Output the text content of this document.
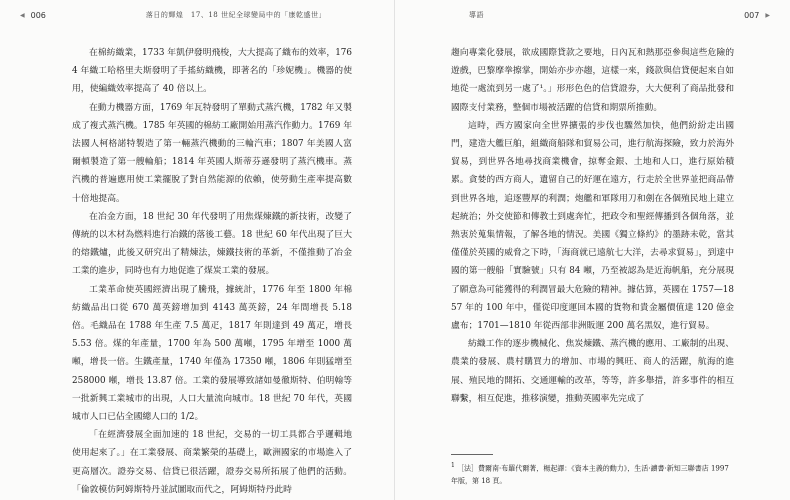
◀ 006	落日的輝煌　17、18 世紀全球變局中的「康乾盛世」

在棉紡織業，1733 年凱伊發明飛梭，大大提高了織布的效率，1764 年織工哈格里夫斯發明了手搖紡織機，即著名的「珍妮機」。機器的使用，使編織效率提高了 40 倍以上。

在動力機器方面，1769 年瓦特發明了單動式蒸汽機，1782 年又製成了複式蒸汽機。1785 年英國的棉紡工廠開始用蒸汽作動力。1769 年法國人柯格諾特製造了第一輛蒸汽機動的三輪汽車；1807 年美國人富爾頓製造了第一艘輪船；1814 年英國人斯蒂芬遜發明了蒸汽機車。蒸汽機的普遍應用使工業擺脫了對自然能源的依賴，使勞動生產率提高數十倍地提高。

在冶金方面，18 世紀 30 年代發明了用焦煤煉鐵的新技術，改變了傳統的以木材為燃料進行冶鐵的落後工藝。18 世紀 60 年代出現了巨大的熔鐵爐，此後又研究出了精煉法，煉鐵技術的革新，不僅推動了冶金工業的進步，同時也有力地促進了煤炭工業的發展。

工業革命使英國經濟出現了騰飛，據統計，1776 年至 1800 年棉紡織品出口從 670 萬英鎊增加到 4143 萬英鎊，24 年間增長 5.18 倍。毛織品在 1788 年生產 7.5 萬疋，1817 年則達到 49 萬疋，增長 5.53 倍。煤的年產量，1700 年為 500 萬噸，1795 年增至 1000 萬噸，增長一倍。生鐵產量，1740 年僅為 17350 噸，1806 年則猛增至 258000 噸，增長 13.87 倍。工業的發展導致諸如曼徹斯特、伯明翰等一批新興工業城市的出現，人口大量流向城市。18 世紀 70 年代，英國城市人口已佔全國總人口的 1/2。

「在經濟發展全面加速的 18 世紀，交易的一切工具都合乎邏輯地使用起來了。」在工業發展、商業繁榮的基礎上，歐洲國家的市場進入了更高層次。證券交易、信貸已很活躍，證券交易所拓展了他們的活動。「倫敦模仿阿姆斯特丹並試圖取而代之，阿姆斯特丹此時

導語	007 ▶

趨向專業化發展，欲成國際貸款之要地，日內瓦和熱那亞參與這些危險的遊戲，巴黎摩拳擦掌，開始亦步亦趨，這樣一來，錢款與信貸便起來自如地從一處流到另一處了¹。」形形色色的信貸證券，大大便利了商品批發和國際支付業務，整個市場被活躍的信貸和期票所推動。

這時，西方國家向全世界擴張的步伐也驟然加快，他們紛紛走出國門，建造大艦巨舶，組織商船隊和貿易公司，進行航海探險，致力於海外貿易，到世界各地尋找商業機會，掠奪金銀、土地和人口，進行原始積累。貪婪的西方商人，遺留自己的好運在遠方，行走於全世界並把商品帶到世界各地，追逐豐厚的利潤；炮艦和軍隊用刀和劍在各個殖民地上建立起統治；外交使節和傳教士到處奔忙，把政令和聖經傳播到各個角落，並熱衷於蒐集情報，了解各地的情況。美國《獨立條約》的墨跡未乾，當其僅僅於英國的威脅之下時，「海商就已遠航七大洋，去尋求貿易」，到達中國的第一艘船「實驗號」只有 84 噸，乃至被認為是近海帆船，充分展現了願意為可能獲得的利潤冒最大危險的精神。據估算，英國在 1757—1857 年的 100 年中，僅從印度運回本國的貨物和貴金屬價值達 120 億金盧布；1701—1810 年從西部非洲販運 200 萬名黑奴，進行貿易。

紡織工作的逐步機械化、焦炭煉鐵、蒸汽機的應用、工廠制的出現、農業的發展、農村購買力的增加、市場的興旺、商人的活躍，航海的進展、殖民地的開拓、交通運輸的改革，等等，許多舉措，許多事件的相互聯繫，相互促進，推移演變，推動英國率先完成了

1 ［法］費爾南·布羅代爾著，楊起譯：《資本主義的動力》，生活·讀書·新知三聯書店 1997 年版，第 18 頁。
